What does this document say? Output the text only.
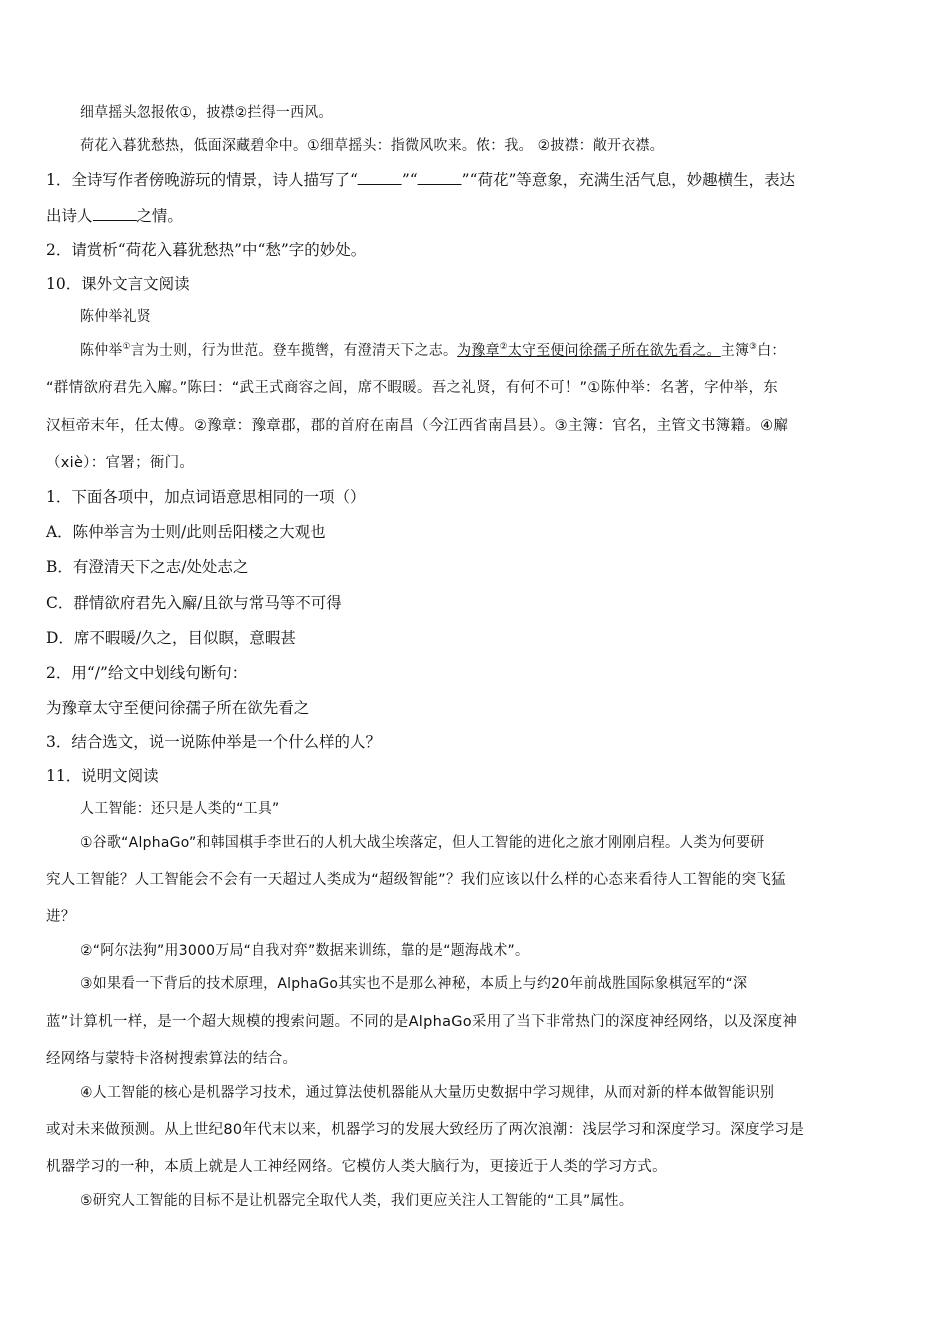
细草摇头忽报侬①，披襟②拦得一西风。
荷花入暮犹愁热，低面深藏碧伞中。①细草摇头：指微风吹来。侬：我。 ②披襟：敞开衣襟。
1．全诗写作者傍晚游玩的情景，诗人描写了“	”“	”“荷花”等意象，充满生活气息，妙趣横生，表达
出诗人	之情。
2．请赏析“荷花入暮犹愁热”中“愁”字的妙处。
10．课外文言文阅读
陈仲举礼贤
陈仲举①言为士则，行为世范。登车揽辔，有澄清天下之志。为豫章②太守至便问徐孺子所在欲先看之。主簿③白：
“群情欲府君先入廨。”陈曰：“武王式商容之闾，席不暇暖。吾之礼贤，有何不可！”①陈仲举：名著，字仲举，东
汉桓帝末年，任太傅。②豫章：豫章郡，郡的首府在南昌（今江西省南昌县）。③主簿：官名，主管文书簿籍。④廨
（xiè）：官署；衙门。
1．下面各项中，加点词语意思相同的一项（）
A．陈仲举言为士则/此则岳阳楼之大观也
B．有澄清天下之志/处处志之
C．群情欲府君先入廨/且欲与常马等不可得
D．席不暇暖/久之，目似瞑，意暇甚
2．用“/”给文中划线句断句：
为豫章太守至便问徐孺子所在欲先看之
3．结合选文，说一说陈仲举是一个什么样的人？
11．说明文阅读
人工智能：还只是人类的“工具”
①谷歌“AlphaGo”和韩国棋手李世石的人机大战尘埃落定，但人工智能的进化之旅才刚刚启程。人类为何要研
究人工智能？人工智能会不会有一天超过人类成为“超级智能”？我们应该以什么样的心态来看待人工智能的突飞猛
进？
②“阿尔法狗”用3000万局“自我对弈”数据来训练，靠的是“题海战术”。
③如果看一下背后的技术原理，AlphaGo其实也不是那么神秘，本质上与约20年前战胜国际象棋冠军的“深
蓝”计算机一样，是一个超大规模的搜索问题。不同的是AlphaGo采用了当下非常热门的深度神经网络，以及深度神
经网络与蒙特卡洛树搜索算法的结合。
④人工智能的核心是机器学习技术，通过算法使机器能从大量历史数据中学习规律，从而对新的样本做智能识别
或对未来做预测。从上世纪80年代末以来，机器学习的发展大致经历了两次浪潮：浅层学习和深度学习。深度学习是
机器学习的一种，本质上就是人工神经网络。它模仿人类大脑行为，更接近于人类的学习方式。
⑤研究人工智能的目标不是让机器完全取代人类，我们更应关注人工智能的“工具”属性。
